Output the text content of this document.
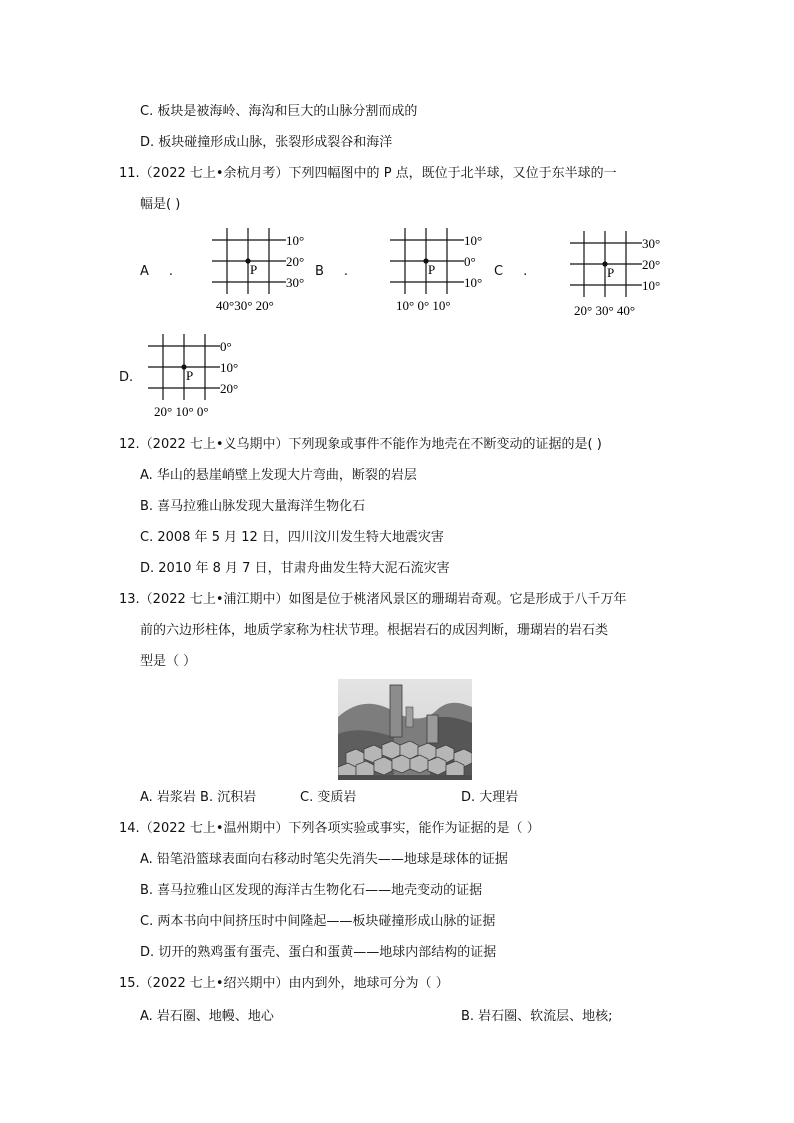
C. 板块是被海岭、海沟和巨大的山脉分割而成的
D. 板块碰撞形成山脉，张裂形成裂谷和海洋
11.（2022 七上•余杭月考）下列四幅图中的 P 点，既位于北半球，又位于东半球的一
幅是( )
A .	P
10°
20°
30°
40°30° 20°
B .	P
10°
0°
10°
10° 0° 10°
C .	P
30°
20°
10°
20° 30° 40°
D.	P
0°
10°
20°
20° 10° 0°
12.（2022 七上•义乌期中）下列现象或事件不能作为地壳在不断变动的证据的是( )
A. 华山的悬崖峭壁上发现大片弯曲，断裂的岩层
B. 喜马拉雅山脉发现大量海洋生物化石
C. 2008 年 5 月 12 日，四川汶川发生特大地震灾害
D. 2010 年 8 月 7 日，甘肃舟曲发生特大泥石流灾害
13.（2022 七上•浦江期中）如图是位于桃渚风景区的珊瑚岩奇观。它是形成于八千万年
前的六边形柱体，地质学家称为柱状节理。根据岩石的成因判断，珊瑚岩的岩石类
型是（ ）
A. 岩浆岩 B. 沉积岩	C. 变质岩	D. 大理岩
14.（2022 七上•温州期中）下列各项实验或事实，能作为证据的是（ ）
A. 铅笔沿篮球表面向右移动时笔尖先消失——地球是球体的证据
B. 喜马拉雅山区发现的海洋古生物化石——地壳变动的证据
C. 两本书向中间挤压时中间隆起——板块碰撞形成山脉的证据
D. 切开的熟鸡蛋有蛋壳、蛋白和蛋黄——地球内部结构的证据
15.（2022 七上•绍兴期中）由内到外，地球可分为（ ）
A. 岩石圈、地幔、地心	B. 岩石圈、软流层、地核;
